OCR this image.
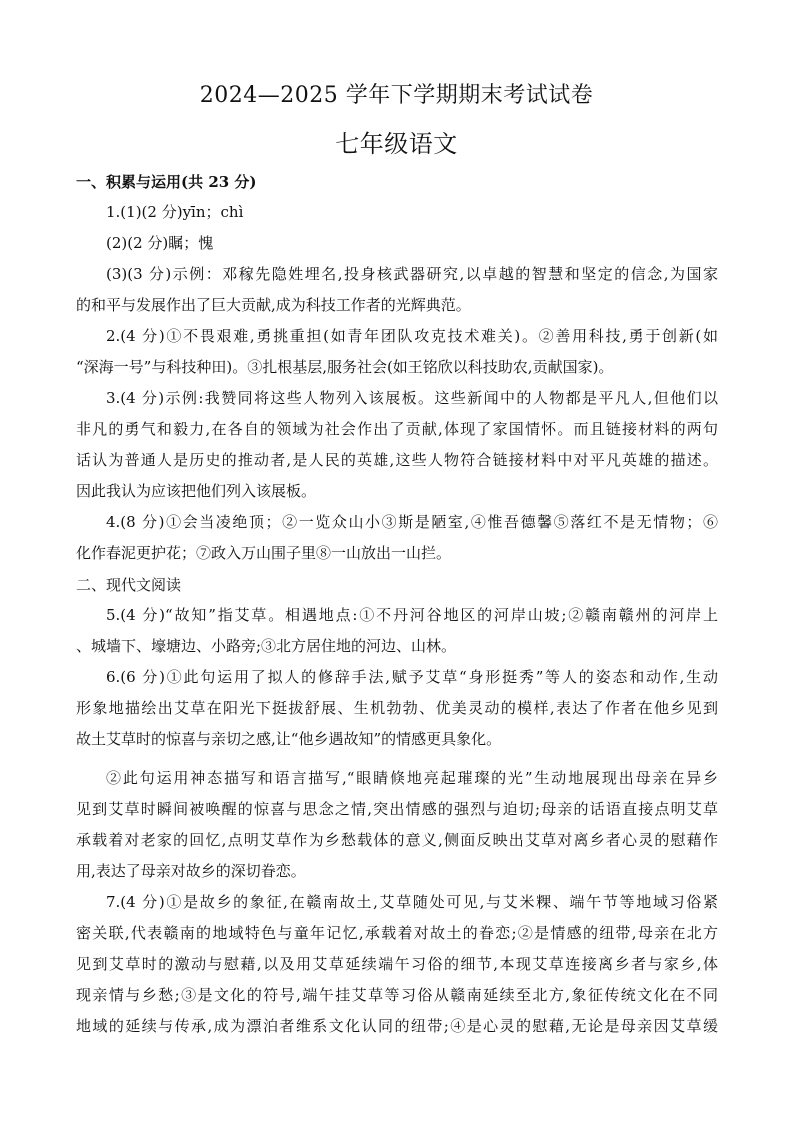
2024—2025 学年下学期期末考试试卷
七年级语文
一、积累与运用(共 23 分)
1.(1)(2 分)yīn；chì
(2)(2 分)瞩；愧
(3)(3 分)示例：邓稼先隐姓埋名,投身核武器研究,以卓越的智慧和坚定的信念,为国家
的和平与发展作出了巨大贡献,成为科技工作者的光辉典范。
2.(4 分)①不畏艰难,勇挑重担(如青年团队攻克技术难关)。②善用科技,勇于创新(如
“深海一号”与科技种田)。③扎根基层,服务社会(如王铭欣以科技助农,贡献国家)。
3.(4 分)示例:我赞同将这些人物列入该展板。这些新闻中的人物都是平凡人,但他们以
非凡的勇气和毅力,在各自的领域为社会作出了贡献,体现了家国情怀。而且链接材料的两句
话认为普通人是历史的推动者,是人民的英雄,这些人物符合链接材料中对平凡英雄的描述。
因此我认为应该把他们列入该展板。
4.(8 分)①会当凌绝顶；②一览众山小③斯是陋室,④惟吾德馨⑤落红不是无情物；⑥
化作春泥更护花；⑦政入万山围子里⑧一山放出一山拦。
二、现代文阅读
5.(4 分)“故知”指艾草。相遇地点:①不丹河谷地区的河岸山坡;②赣南赣州的河岸上
、城墙下、壕塘边、小路旁;③北方居住地的河边、山林。
6.(6 分)①此句运用了拟人的修辞手法,赋予艾草“身形挺秀”等人的姿态和动作,生动
形象地描绘出艾草在阳光下挺拔舒展、生机勃勃、优美灵动的模样,表达了作者在他乡见到
故土艾草时的惊喜与亲切之感,让“他乡遇故知”的情感更具象化。
②此句运用神态描写和语言描写,“眼睛倏地亮起璀璨的光”生动地展现出母亲在异乡
见到艾草时瞬间被唤醒的惊喜与思念之情,突出情感的强烈与迫切;母亲的话语直接点明艾草
承载着对老家的回忆,点明艾草作为乡愁载体的意义,侧面反映出艾草对离乡者心灵的慰藉作
用,表达了母亲对故乡的深切眷恋。
7.(4 分)①是故乡的象征,在赣南故土,艾草随处可见,与艾米粿、端午节等地域习俗紧
密关联,代表赣南的地域特色与童年记忆,承载着对故土的眷恋;②是情感的纽带,母亲在北方
见到艾草时的激动与慰藉,以及用艾草延续端午习俗的细节,本现艾草连接离乡者与家乡,体
现亲情与乡愁;③是文化的符号,端午挂艾草等习俗从赣南延续至北方,象征传统文化在不同
地域的延续与传承,成为漂泊者维系文化认同的纽带;④是心灵的慰藉,无论是母亲因艾草缓
